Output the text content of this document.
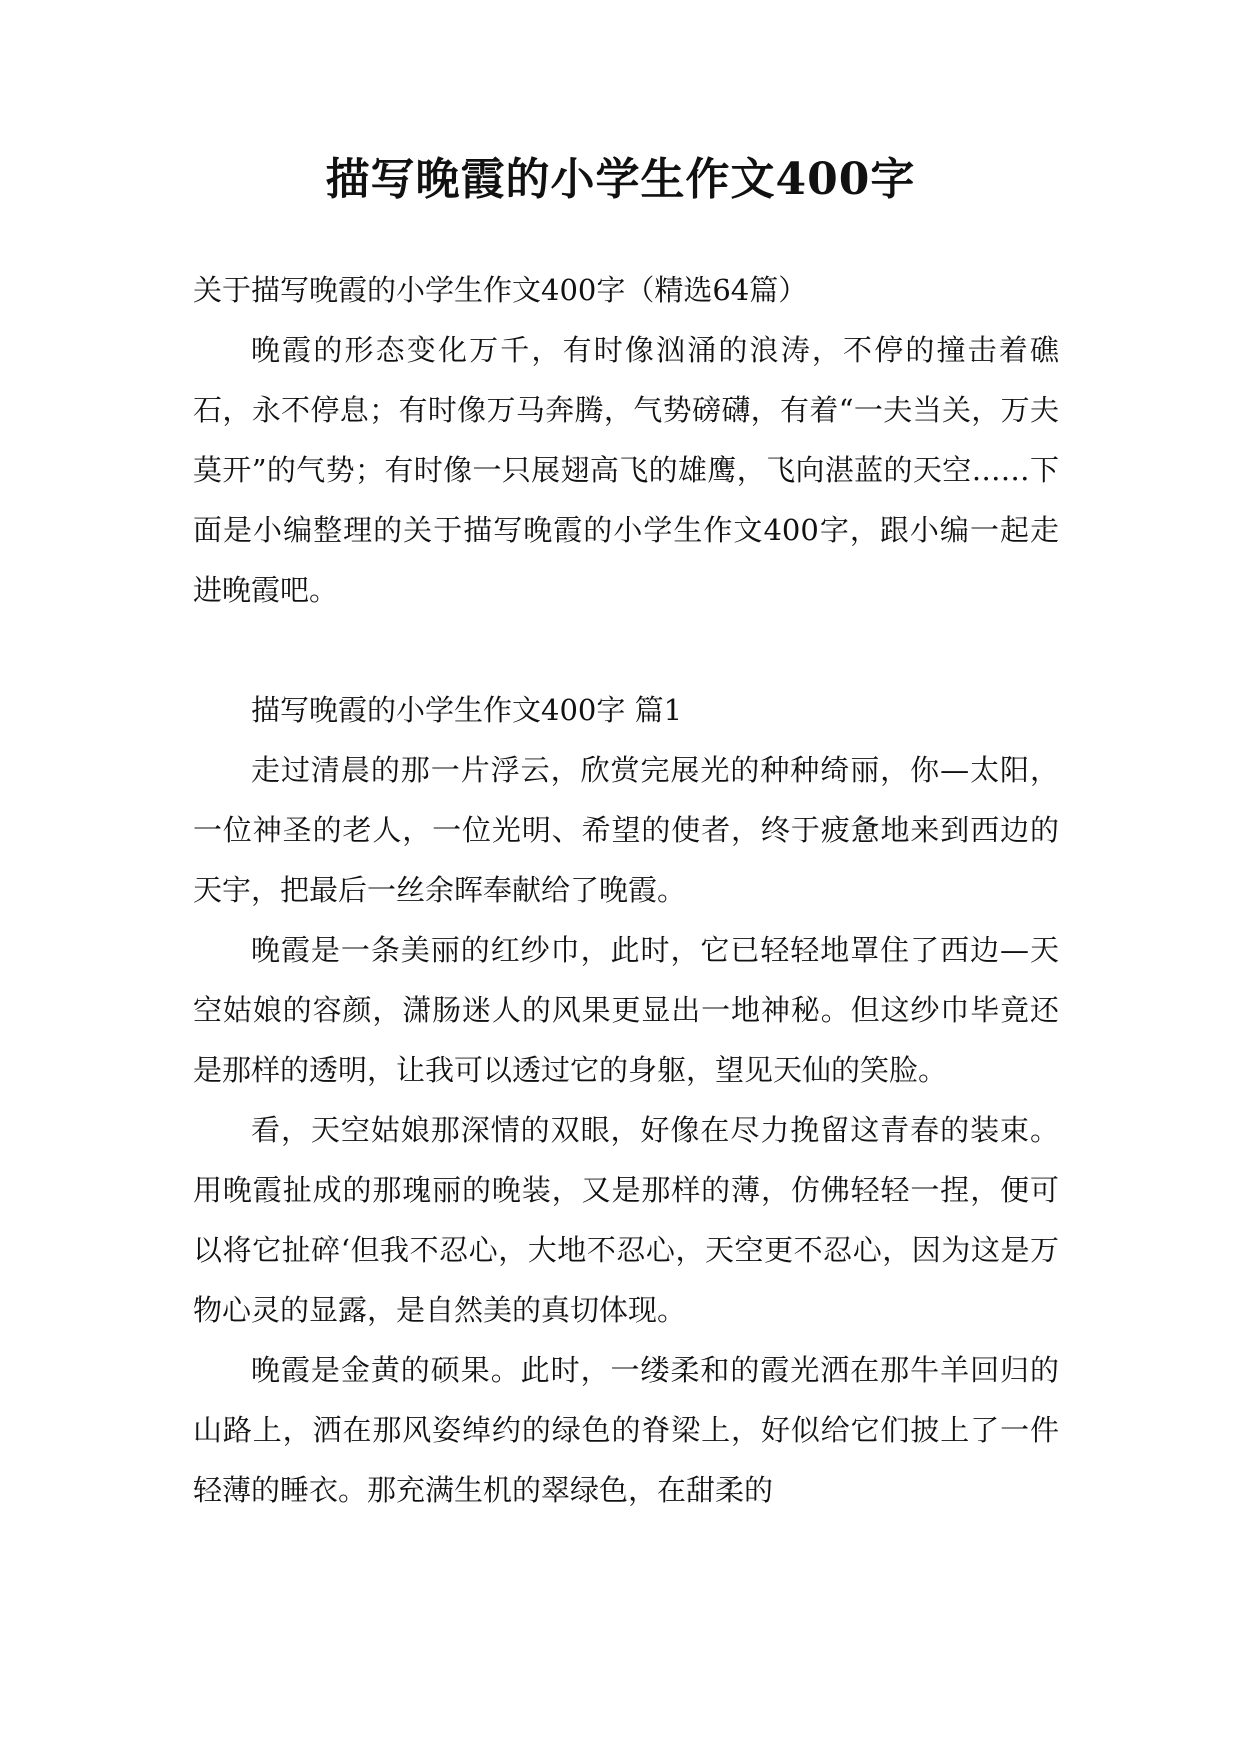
描写晚霞的小学生作文400字

关于描写晚霞的小学生作文400字（精选64篇）

晚霞的形态变化万千，有时像汹涌的浪涛，不停的撞击着礁石，永不停息；有时像万马奔腾，气势磅礴，有着“一夫当关，万夫莫开”的气势；有时像一只展翅高飞的雄鹰，飞向湛蓝的天空……下面是小编整理的关于描写晚霞的小学生作文400字，跟小编一起走进晚霞吧。

描写晚霞的小学生作文400字 篇1

走过清晨的那一片浮云，欣赏完展光的种种绮丽，你—太阳，一位神圣的老人，一位光明、希望的使者，终于疲惫地来到西边的天宇，把最后一丝余晖奉献给了晚霞。

晚霞是一条美丽的红纱巾，此时，它已轻轻地罩住了西边—天空姑娘的容颜，潇肠迷人的风果更显出一地神秘。但这纱巾毕竟还是那样的透明，让我可以透过它的身躯，望见天仙的笑脸。

看，天空姑娘那深情的双眼，好像在尽力挽留这青春的装束。用晚霞扯成的那瑰丽的晚装，又是那样的薄，仿佛轻轻一捏，便可以将它扯碎‘但我不忍心，大地不忍心，天空更不忍心，因为这是万物心灵的显露，是自然美的真切体现。

晚霞是金黄的硕果。此时，一缕柔和的霞光洒在那牛羊回归的山路上，洒在那风姿绰约的绿色的脊梁上，好似给它们披上了一件轻薄的睡衣。那充满生机的翠绿色，在甜柔的
